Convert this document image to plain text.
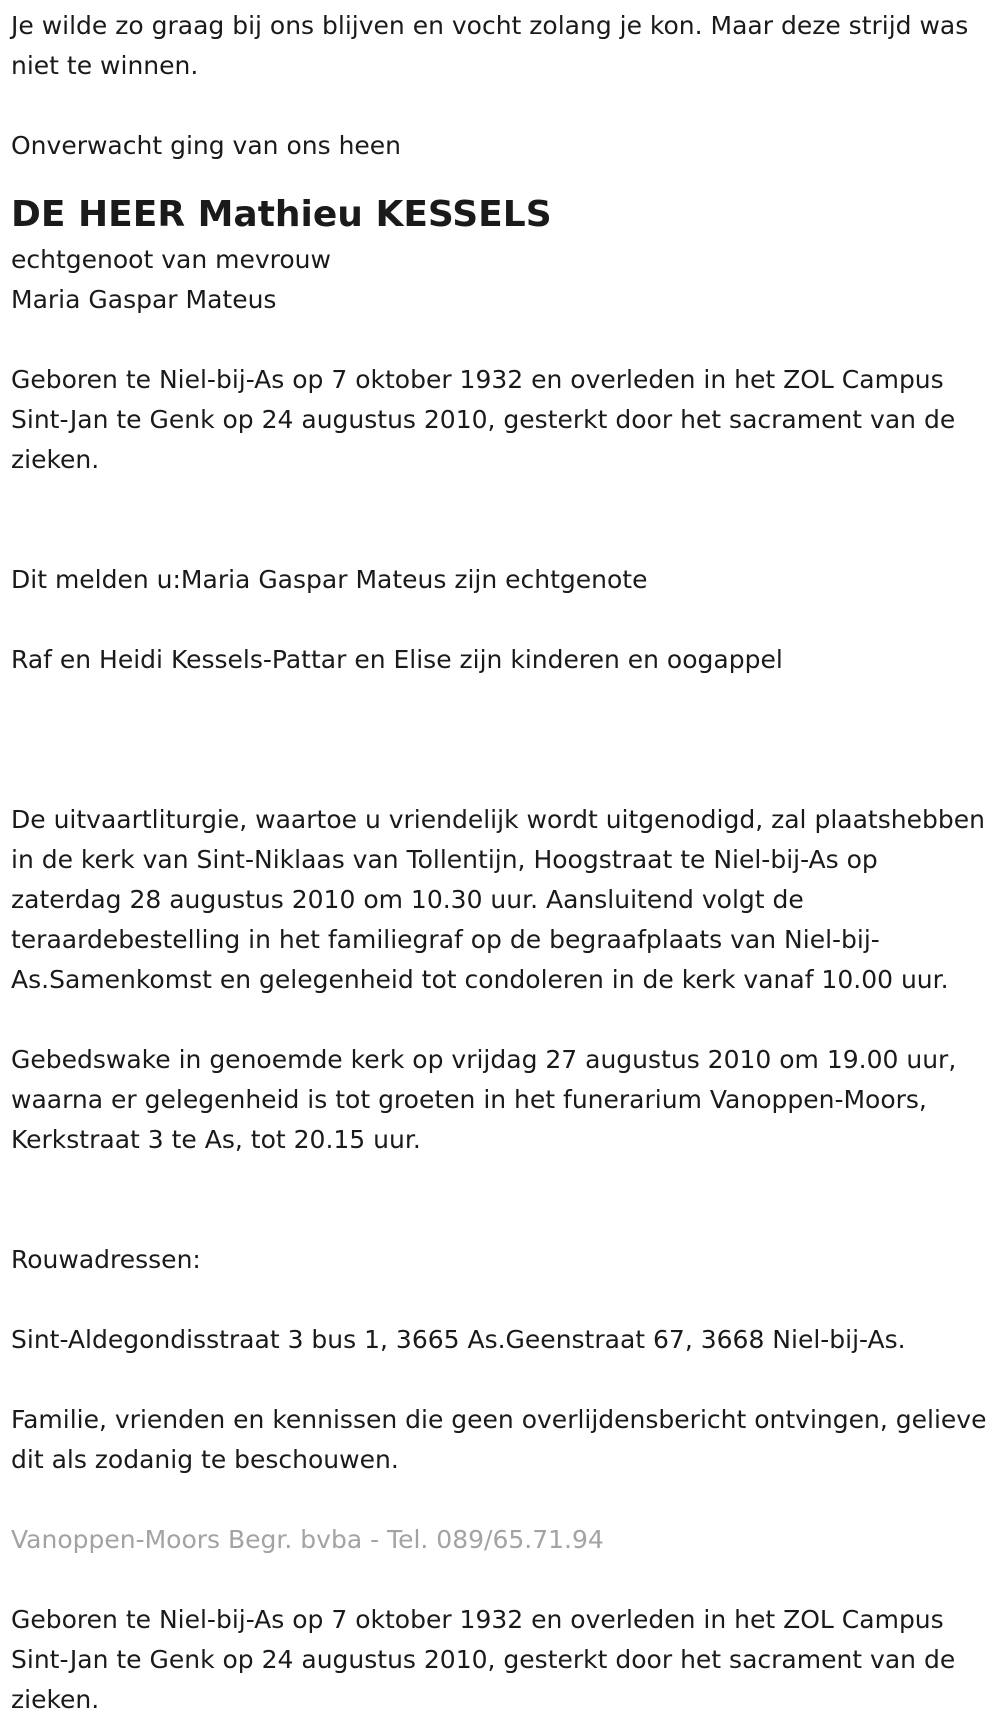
Je wilde zo graag bij ons blijven en vocht zolang je kon. Maar deze strijd was niet te winnen.
Onverwacht ging van ons heen
DE HEER Mathieu KESSELS
echtgenoot van mevrouw
Maria Gaspar Mateus
Geboren te Niel-bij-As op 7 oktober 1932 en overleden in het ZOL Campus Sint-Jan te Genk op 24 augustus 2010, gesterkt door het sacrament van de zieken.

Dit melden u:Maria Gaspar Mateus zijn echtgenote

Raf en Heidi Kessels-Pattar en Elise zijn kinderen en oogappel

De uitvaartliturgie, waartoe u vriendelijk wordt uitgenodigd, zal plaatshebben in de kerk van Sint-Niklaas van Tollentijn, Hoogstraat te Niel-bij-As op zaterdag 28 augustus 2010 om 10.30 uur. Aansluitend volgt de teraardebestelling in het familiegraf op de begraafplaats van Niel-bij-As.Samenkomst en gelegenheid tot condoleren in de kerk vanaf 10.00 uur.

Gebedswake in genoemde kerk op vrijdag 27 augustus 2010 om 19.00 uur, waarna er gelegenheid is tot groeten in het funerarium Vanoppen-Moors, Kerkstraat 3 te As, tot 20.15 uur.

Rouwadressen:
Sint-Aldegondisstraat 3 bus 1, 3665 As.Geenstraat 67, 3668 Niel-bij-As.
Familie, vrienden en kennissen die geen overlijdensbericht ontvingen, gelieve dit als zodanig te beschouwen.
Vanoppen-Moors Begr. bvba - Tel. 089/65.71.94
Geboren te Niel-bij-As op 7 oktober 1932 en overleden in het ZOL Campus Sint-Jan te Genk op 24 augustus 2010, gesterkt door het sacrament van de zieken.
